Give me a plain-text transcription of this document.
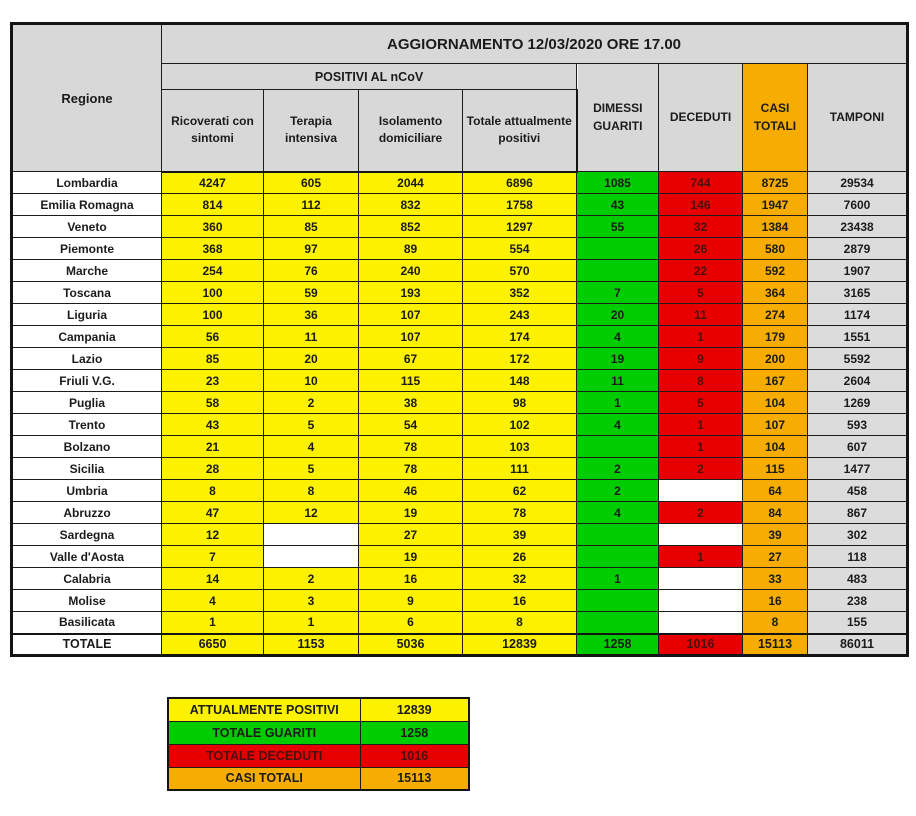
Regione	AGGIORNAMENTO 12/03/2020 ORE 17.00							
	POSITIVI AL nCoV				DIMESSI GUARITI	DECEDUTI	CASI TOTALI	TAMPONI
	Ricoverati con sintomi	Terapia intensiva	Isolamento domiciliare	Totale attualmente positivi				
Lombardia	4247	605	2044	6896	1085	744	8725	29534
Emilia Romagna	814	112	832	1758	43	146	1947	7600
Veneto	360	85	852	1297	55	32	1384	23438
Piemonte	368	97	89	554		26	580	2879
Marche	254	76	240	570		22	592	1907
Toscana	100	59	193	352	7	5	364	3165
Liguria	100	36	107	243	20	11	274	1174
Campania	56	11	107	174	4	1	179	1551
Lazio	85	20	67	172	19	9	200	5592
Friuli V.G.	23	10	115	148	11	8	167	2604
Puglia	58	2	38	98	1	5	104	1269
Trento	43	5	54	102	4	1	107	593
Bolzano	21	4	78	103		1	104	607
Sicilia	28	5	78	111	2	2	115	1477
Umbria	8	8	46	62	2		64	458
Abruzzo	47	12	19	78	4	2	84	867
Sardegna	12		27	39			39	302
Valle d'Aosta	7		19	26		1	27	118
Calabria	14	2	16	32	1		33	483
Molise	4	3	9	16			16	238
Basilicata	1	1	6	8			8	155
TOTALE	6650	1153	5036	12839	1258	1016	15113	86011
ATTUALMENTE POSITIVI	12839
TOTALE GUARITI	1258
TOTALE DECEDUTI	1016
CASI TOTALI	15113
